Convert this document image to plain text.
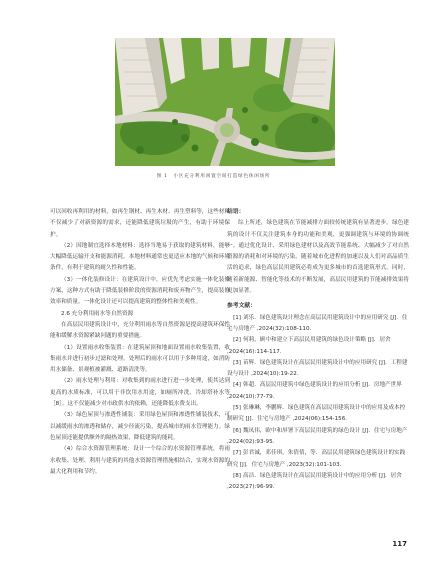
图 1　小区充分利用闲置空间打造绿色休闲场所

可以回收再利用的材料，如再生钢材、再生木材、再生塑料等，这些材料不仅减少了对新资源的需求，还能降低建筑垃圾的产生，有助于环境保护。

（2）因地制宜选择本地材料：选择当地易于获取的建筑材料，能够大幅降低运输开支和能源消耗。本地材料通常也更适应本地的气候和环境条件，有利于建筑的耐久性和性能。

（3）一体化装修设计：在建筑设计中，应优先考虑实施一体化装修方案，这种方式有助于降低装修阶段的资源消耗和废弃物产生，提高装修效率和质量。一体化设计还可以提高建筑的整体性和美观性。

2.6 充分利用雨水等自然资源

在高层民用建筑设计中，充分利用雨水等自然资源是提高建筑环保性能和缓解水资源紧缺问题的重要措施。

（1）设置雨水收集装置：在建筑屋顶和地面设置雨水收集装置，收集雨水并进行初步过滤和处理。处理后的雨水可以用于多种用途，如消防用水储备、景观植被灌溉、道路清洗等。

（2）雨水处理与利用：对收集到的雨水进行进一步处理，使其达到更高的水质标准，可以用于非饮用水用途，如厕所冲洗、冷却塔补水等［8］。这不仅能减少对市政供水的依赖，还能降低水费支出。

（3）绿色屋顶与渗透性铺装：采用绿色屋顶和渗透性铺装技术，可以减缓雨水的渗透和储存，减少径流污染，提高城市的雨水管理能力。绿色屋顶还能提供额外的隔热效果，降低建筑的能耗。

（4）综合水资源管理系统：设计一个综合的水资源管理系统，将雨水收集、处理、利用与建筑的其他水资源管理措施相结合，实现水资源的最大化利用和节约。

结语：

综上所述，绿色建筑在节能减排方面较传统建筑有显著进步。绿色建筑的设计不仅关注建筑本身的功能和美观，更强调建筑与环境的协调统一。通过优化设计、采用绿色建材以及高效节能系统、大幅减少了对自然资源的消耗和对环境的污染。随着城市化进程的加速以及人们对高品质生活的追求，绿色高层民用建筑必将成为更多城市的首选建筑形式。同时，随着新能源、智能化等技术的不断发展，高层民用建筑的节能减排效果将更加显著。

参考文献：

[1] 刘乐．绿色建筑设计理念在高层民用建筑设计中的应用研究 [J]．住宅与房地产 ,2024(32):108-110.

[2] 何莉，顾中和建立下高层民用建筑的绿色设计策略 [J]．居舍 ,2024(16):114-117.

[3] 苗辉．绿色建筑设计在高层民用建筑设计中的应用研究 [J]．工程建设与设计 ,2024(10):19-22.

[4] 韩超．高层民用建筑中绿色建筑设计的应用分析 [J]．房地产世界 ,2024(10):77-79.

[5] 张琳琳，李鹏辉．绿色建筑在高层民用建筑设计中的应用及成本控制研究 [J]．住宅与房地产 ,2024(06):154-156.

[6] 魏凤伟，欧中和屏署下高层民用建筑的绿色设计 [J]．住宅与房地产 ,2024(02):93-95.

[7] 彭君诚，邓佳琪，朱倩倩，等．高层民用建筑绿色建筑设计的实践研究 [J]．住宅与房地产 ,2023(32):101-103.

[8] 高洁．绿色建筑设计在高层民用建筑设计中的应用分析 [J]．居舍 ,2023(27):96-99.

117
